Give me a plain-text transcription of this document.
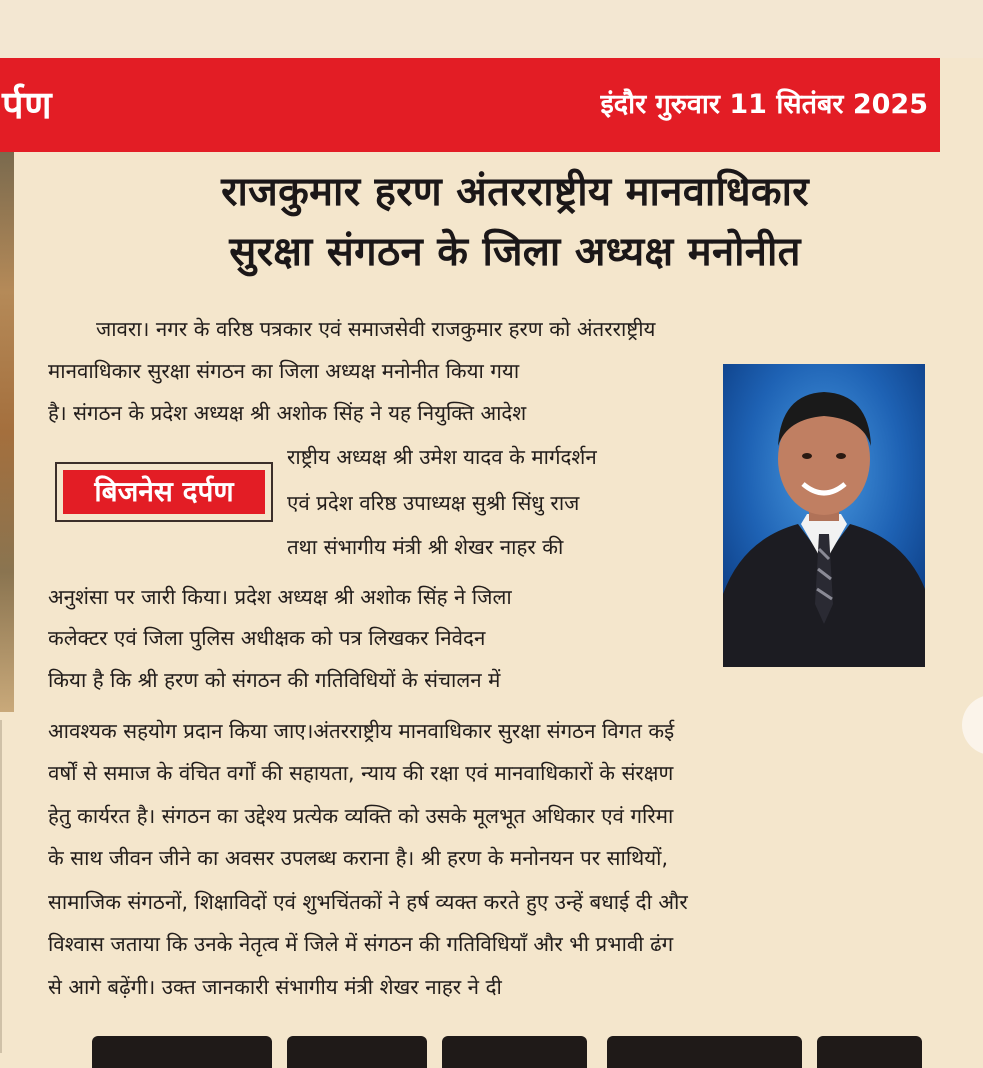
र्पण	इंदौर गुरुवार 11 सितंबर 2025
राजकुमार हरण अंतरराष्ट्रीय मानवाधिकार
सुरक्षा संगठन के जिला अध्यक्ष मनोनीत
जावरा। नगर के वरिष्ठ पत्रकार एवं समाजसेवी राजकुमार हरण को अंतरराष्ट्रीय
मानवाधिकार सुरक्षा संगठन का जिला अध्यक्ष मनोनीत किया गया
है। संगठन के प्रदेश अध्यक्ष श्री अशोक सिंह ने यह नियुक्ति आदेश
राष्ट्रीय अध्यक्ष श्री उमेश यादव के मार्गदर्शन
एवं प्रदेश वरिष्ठ उपाध्यक्ष सुश्री सिंधु राज
तथा संभागीय मंत्री श्री शेखर नाहर की
अनुशंसा पर जारी किया। प्रदेश अध्यक्ष श्री अशोक सिंह ने जिला
कलेक्टर एवं जिला पुलिस अधीक्षक को पत्र लिखकर निवेदन
किया है कि श्री हरण को संगठन की गतिविधियों के संचालन में
आवश्यक सहयोग प्रदान किया जाए।अंतरराष्ट्रीय मानवाधिकार सुरक्षा संगठन विगत कई
वर्षों से समाज के वंचित वर्गों की सहायता, न्याय की रक्षा एवं मानवाधिकारों के संरक्षण
हेतु कार्यरत है। संगठन का उद्देश्य प्रत्येक व्यक्ति को उसके मूलभूत अधिकार एवं गरिमा
के साथ जीवन जीने का अवसर उपलब्ध कराना है। श्री हरण के मनोनयन पर साथियों,
सामाजिक संगठनों, शिक्षाविदों एवं शुभचिंतकों ने हर्ष व्यक्त करते हुए उन्हें बधाई दी और
विश्वास जताया कि उनके नेतृत्व में जिले में संगठन की गतिविधियाँ और भी प्रभावी ढंग
से आगे बढ़ेंगी। उक्त जानकारी संभागीय मंत्री शेखर नाहर ने दी
बिजनेस दर्पण
